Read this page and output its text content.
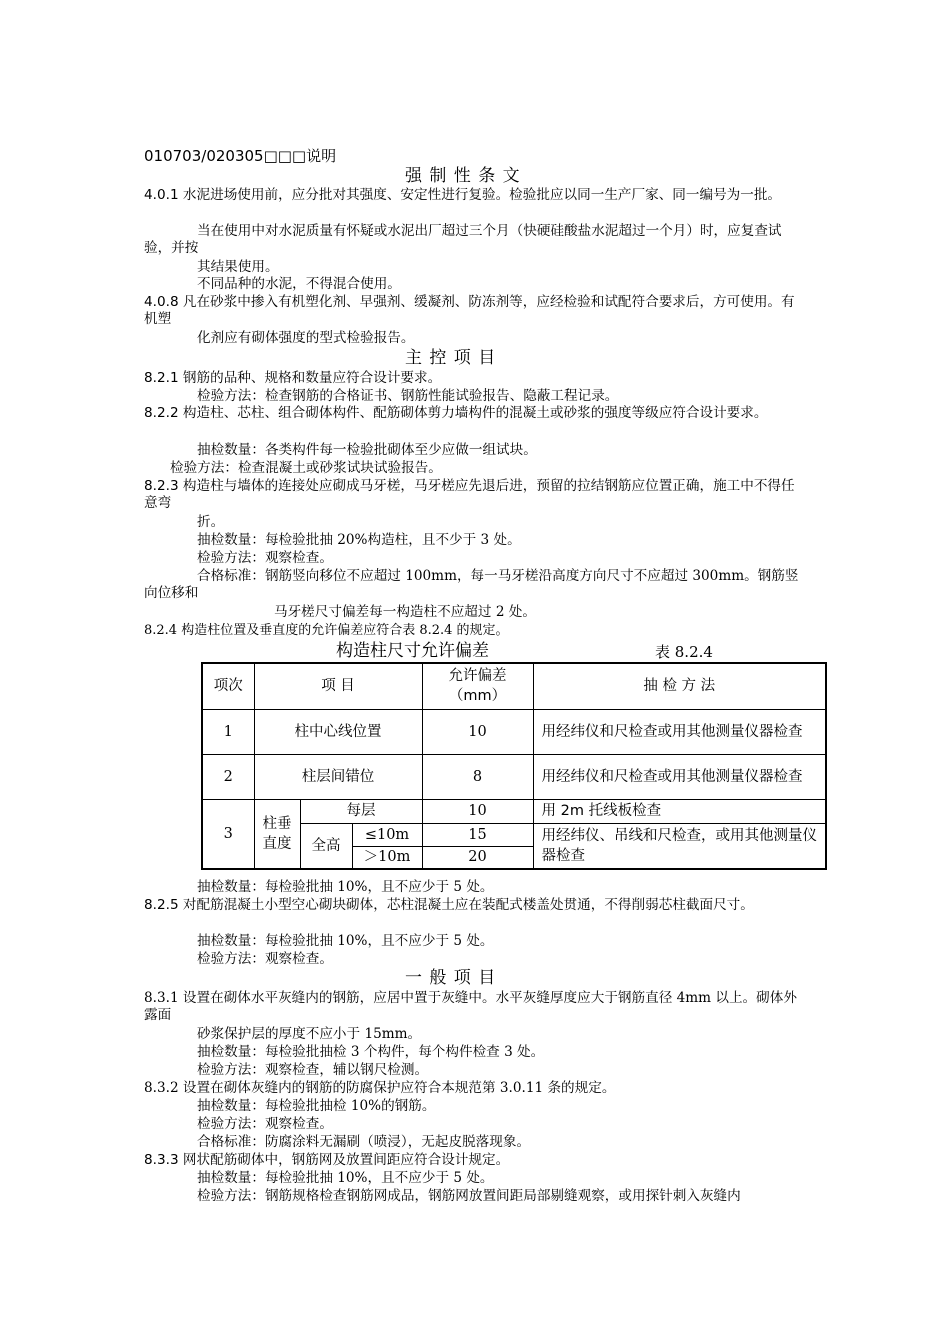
010703/020305□□□说明
强 制 性 条 文
4.0.1 水泥进场使用前，应分批对其强度、安定性进行复验。检验批应以同一生产厂家、同一编号为一批。
当在使用中对水泥质量有怀疑或水泥出厂超过三个月（快硬硅酸盐水泥超过一个月）时，应复查试验，并按
其结果使用。
不同品种的水泥，不得混合使用。
4.0.8 凡在砂浆中掺入有机塑化剂、早强剂、缓凝剂、防冻剂等，应经检验和试配符合要求后，方可使用。有机塑
化剂应有砌体强度的型式检验报告。
主 控 项 目
8.2.1 钢筋的品种、规格和数量应符合设计要求。
检验方法：检查钢筋的合格证书、钢筋性能试验报告、隐蔽工程记录。
8.2.2 构造柱、芯柱、组合砌体构件、配筋砌体剪力墙构件的混凝土或砂浆的强度等级应符合设计要求。
抽检数量：各类构件每一检验批砌体至少应做一组试块。
检验方法：检查混凝土或砂浆试块试验报告。
8.2.3 构造柱与墙体的连接处应砌成马牙槎，马牙槎应先退后进，预留的拉结钢筋应位置正确，施工中不得任意弯
折。
抽检数量：每检验批抽 20%构造柱，且不少于 3 处。
检验方法：观察检查。
合格标准：钢筋竖向移位不应超过 100mm，每一马牙槎沿高度方向尺寸不应超过 300mm。钢筋竖向位移和
马牙槎尺寸偏差每一构造柱不应超过 2 处。
8.2.4 构造柱位置及垂直度的允许偏差应符合表 8.2.4 的规定。
构造柱尺寸允许偏差	表 8.2.4
项次	项 目			允许偏差（mm）	抽 检 方 法
1	柱中心线位置			10	用经纬仪和尺检查或用其他测量仪器检查
2	柱层间错位			8	用经纬仪和尺检查或用其他测量仪器检查
3	柱垂直度	每层		10	用 2m 托线板检查
		全高	≤10m	15	用经纬仪、吊线和尺检查，或用其他测量仪器检查
			＞10m	20	
抽检数量：每检验批抽 10%，且不应少于 5 处。
8.2.5 对配筋混凝土小型空心砌块砌体，芯柱混凝土应在装配式楼盖处贯通，不得削弱芯柱截面尺寸。
抽检数量：每检验批抽 10%，且不应少于 5 处。
检验方法：观察检查。
一 般 项 目
8.3.1 设置在砌体水平灰缝内的钢筋，应居中置于灰缝中。水平灰缝厚度应大于钢筋直径 4mm 以上。砌体外露面
砂浆保护层的厚度不应小于 15mm。
抽检数量：每检验批抽检 3 个构件，每个构件检查 3 处。
检验方法：观察检查，辅以钢尺检测。
8.3.2 设置在砌体灰缝内的钢筋的防腐保护应符合本规范第 3.0.11 条的规定。
抽检数量：每检验批抽检 10%的钢筋。
检验方法：观察检查。
合格标准：防腐涂料无漏刷（喷浸），无起皮脱落现象。
8.3.3 网状配筋砌体中，钢筋网及放置间距应符合设计规定。
抽检数量：每检验批抽 10%，且不应少于 5 处。
检验方法：钢筋规格检查钢筋网成品，钢筋网放置间距局部剔缝观察，或用探针刺入灰缝内
